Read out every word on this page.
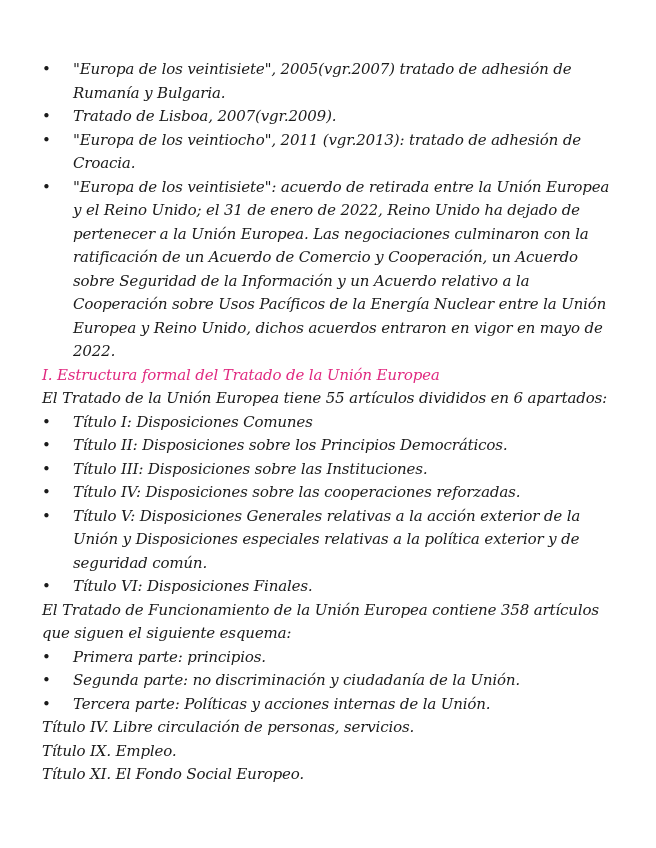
• "Europa de los veintisiete", 2005(vgr.2007) tratado de adhesión de Rumanía y Bulgaria.
• Tratado de Lisboa, 2007(vgr.2009).
• "Europa de los veintiocho", 2011 (vgr.2013): tratado de adhesión de Croacia.
• "Europa de los veintisiete": acuerdo de retirada entre la Unión Europea y el Reino Unido; el 31 de enero de 2022, Reino Unido ha dejado de pertenecer a la Unión Europea. Las negociaciones culminaron con la ratificación de un Acuerdo de Comercio y Cooperación, un Acuerdo sobre Seguridad de la Información y un Acuerdo relativo a la Cooperación sobre Usos Pacíficos de la Energía Nuclear entre la Unión Europea y Reino Unido, dichos acuerdos entraron en vigor en mayo de 2022.

I. Estructura formal del Tratado de la Unión Europea

El Tratado de la Unión Europea tiene 55 artículos divididos en 6 apartados:

• Título I: Disposiciones Comunes
• Título II: Disposiciones sobre los Principios Democráticos.
• Título III: Disposiciones sobre las Instituciones.
• Título IV: Disposiciones sobre las cooperaciones reforzadas.
• Título V: Disposiciones Generales relativas a la acción exterior de la Unión y Disposiciones especiales relativas a la política exterior y de seguridad común.
• Título VI: Disposiciones Finales.

El Tratado de Funcionamiento de la Unión Europea contiene 358 artículos que siguen el siguiente esquema:

• Primera parte: principios.
• Segunda parte: no discriminación y ciudadanía de la Unión.
• Tercera parte: Políticas y acciones internas de la Unión.

Título IV. Libre circulación de personas, servicios.

Título IX. Empleo.

Título XI. El Fondo Social Europeo.
